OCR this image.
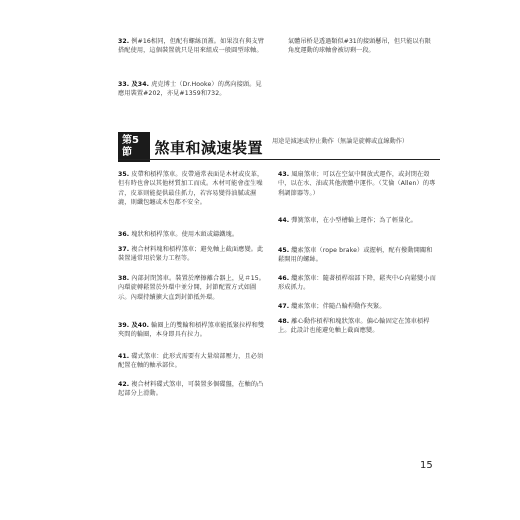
32. 例#16相同，但配有螺絲頂蓋。如果沒有與支臂搭配使用，這個裝置就只是用來組成一般圓型球軸。
33. 及34. 虎克博士（Dr.Hooke）的萬向接頭。見應用裝置#202，亦見#1359和732。
氣體吊桥是透過類似#31的接頭懸吊，但只能以有限角度運動的球軸會被切剩一段。
第5節	煞車和減速裝置 用途是減速或停止動作（無論是旋轉或直線動作）
35. 皮帶和槓桿煞車。皮帶通常表面是木材或皮革，但有時也會以其他材質加工而成。木材可能會產生噪音，皮革則能提供最佳抓力，若容易變得油膩或濕漉，則纖包纏或木包都不安全。
36. 塊狀和槓桿煞車。使用木頭或鑄鐵塊。
37. 複合材料塊和槓桿煞車；避免軸上截面應變。此裝置通常用於緊力工程等。
38. 內部封閉煞車。裝置於摩擦離合器上，見＃15。內環旋轉鬆置於外環中並分開，封節配置方式如圖示。內環持續擴大直到封節抵外環。
39. 及40. 輪圈上的雙輪和槓桿煞車能抵緊拉桿和雙夾間的輪圈，本身即具有拉力。
41. 碟式煞車：此形式需要有大量端部壓力，且必須配置在軸的軸承部位。
42. 複合材料碟式煞車，可裝置多個碟盤，在軸的凸起部分上滑動。
43. 風扇煞車；可以在空氣中開放式運作，或封閉在殼中，以在水、油或其他液體中運作。（艾倫（Allen）的專利調節器等。）
44. 彈簧煞車，在小型槽輪上運作；為了輕量化。
45. 纜索煞車（rope brake）或握柄，配有撥動開關和鬆開用的螺絲。
46. 纜索煞車：隨著槓桿端部下降，鬆夾中心向鬆變小而形成抓力。
47. 纜索煞車；伴隨凸輪桿動作夾緊。
48. 離心動作槓桿和塊狀煞車。偏心輪固定在煞車槓桿上。此設計也能避免軸上截面應變。
15
